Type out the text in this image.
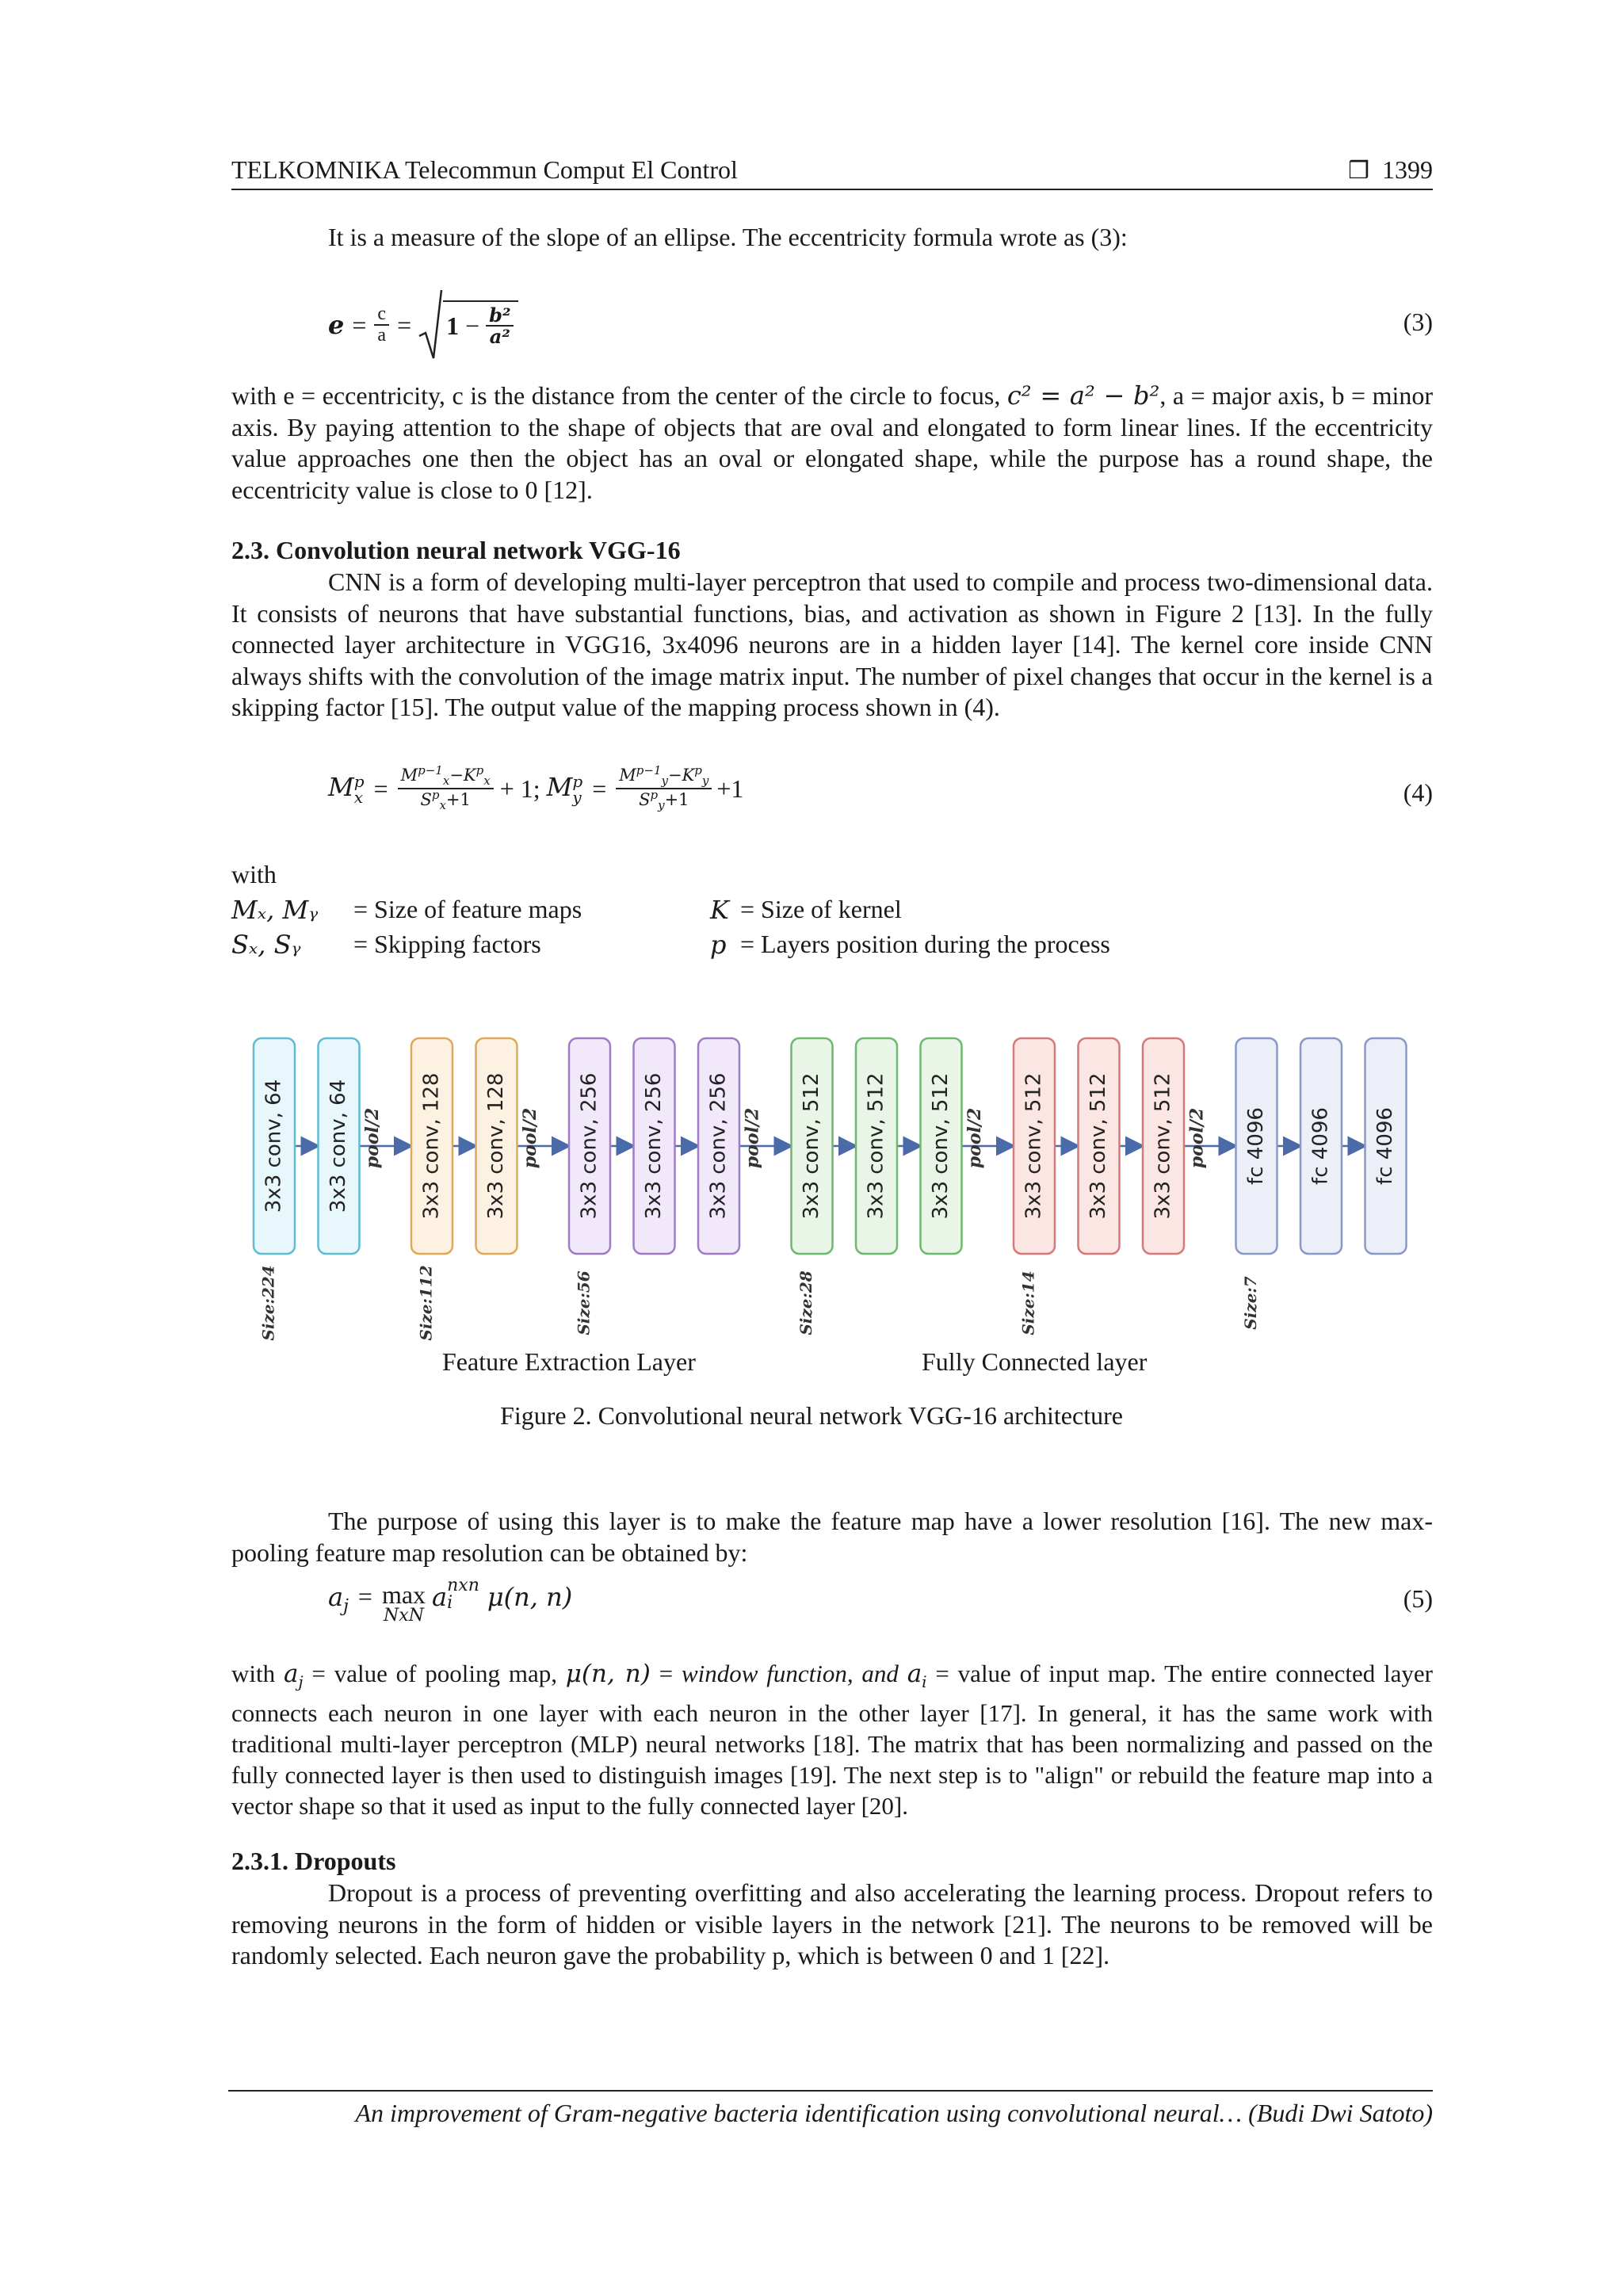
TELKOMNIKA Telecommun Comput El Control	❒ 1399

It is a measure of the slope of an ellipse. The eccentricity formula wrote as (3):

$e = \frac{c}{a} = 1 - \frac{\text{b²}}{\text{a²}}$	(3)

with e = eccentricity, c is the distance from the center of the circle to focus, c² = a² − b², a = major axis, b = minor axis. By paying attention to the shape of objects that are oval and elongated to form linear lines. If the eccentricity value approaches one then the object has an oval or elongated shape, while the purpose has a round shape, the eccentricity value is close to 0 [12].

2.3. Convolution neural network VGG-16

CNN is a form of developing multi-layer perceptron that used to compile and process two-dimensional data. It consists of neurons that have substantial functions, bias, and activation as shown in Figure 2 [13]. In the fully connected layer architecture in VGG16, 3x4096 neurons are in a hidden layer [14]. The kernel core inside CNN always shifts with the convolution of the image matrix input. The number of pixel changes that occur in the kernel is a skipping factor [15]. The output value of the mapping process shown in (4).

M p
$x = \frac{M^{p-1}_x-K^p_x}{S^p_x+1} + 1$; M p
$y = \frac{M^{p-1}_y-K^p_y}{S^p_y+1} +1$	(4)
with
Mₓ, Mᵧ = Size of feature maps	K = Size of kernel
Sₓ, Sᵧ = Skipping factors	p = Layers position during the process
3x3 conv, 64 3x3 conv, 64	3x3 conv, 128 3x3 conv, 128	3x3 conv, 256 3x3 conv, 256 3x3 conv, 256	3x3 conv, 512 3x3 conv, 512 3x3 conv, 512	3x3 conv, 512 3x3 conv, 512 3x3 conv, 512	fc 4096 fc 4096 fc 4096
pool/2	pool/2	pool/2	pool/2	pool/2
Size:224	Size:112	Size:56	Size:28	Size:14	Size:7
Feature Extraction Layer	Fully Connected layer
Figure 2. Convolutional neural network VGG-16 architecture

The purpose of using this layer is to make the feature map have a lower resolution [16]. The new max-pooling feature map resolution can be obtained by:

$a_j = \max$
NxN
a nxn
i	μ(n, n)	(5)

with $a_j$ = value of pooling map, μ(n, n) = window function, and $a_i$ = value of input map. The entire connected layer connects each neuron in one layer with each neuron in the other layer [17]. In general, it has the same work with traditional multi-layer perceptron (MLP) neural networks [18]. The matrix that has been normalizing and passed on the fully connected layer is then used to distinguish images [19]. The next step is to "align" or rebuild the feature map into a vector shape so that it used as input to the fully connected layer [20].

2.3.1. Dropouts

Dropout is a process of preventing overfitting and also accelerating the learning process. Dropout refers to removing neurons in the form of hidden or visible layers in the network [21]. The neurons to be removed will be randomly selected. Each neuron gave the probability p, which is between 0 and 1 [22].

An improvement of Gram-negative bacteria identification using convolutional neural… (Budi Dwi Satoto)
